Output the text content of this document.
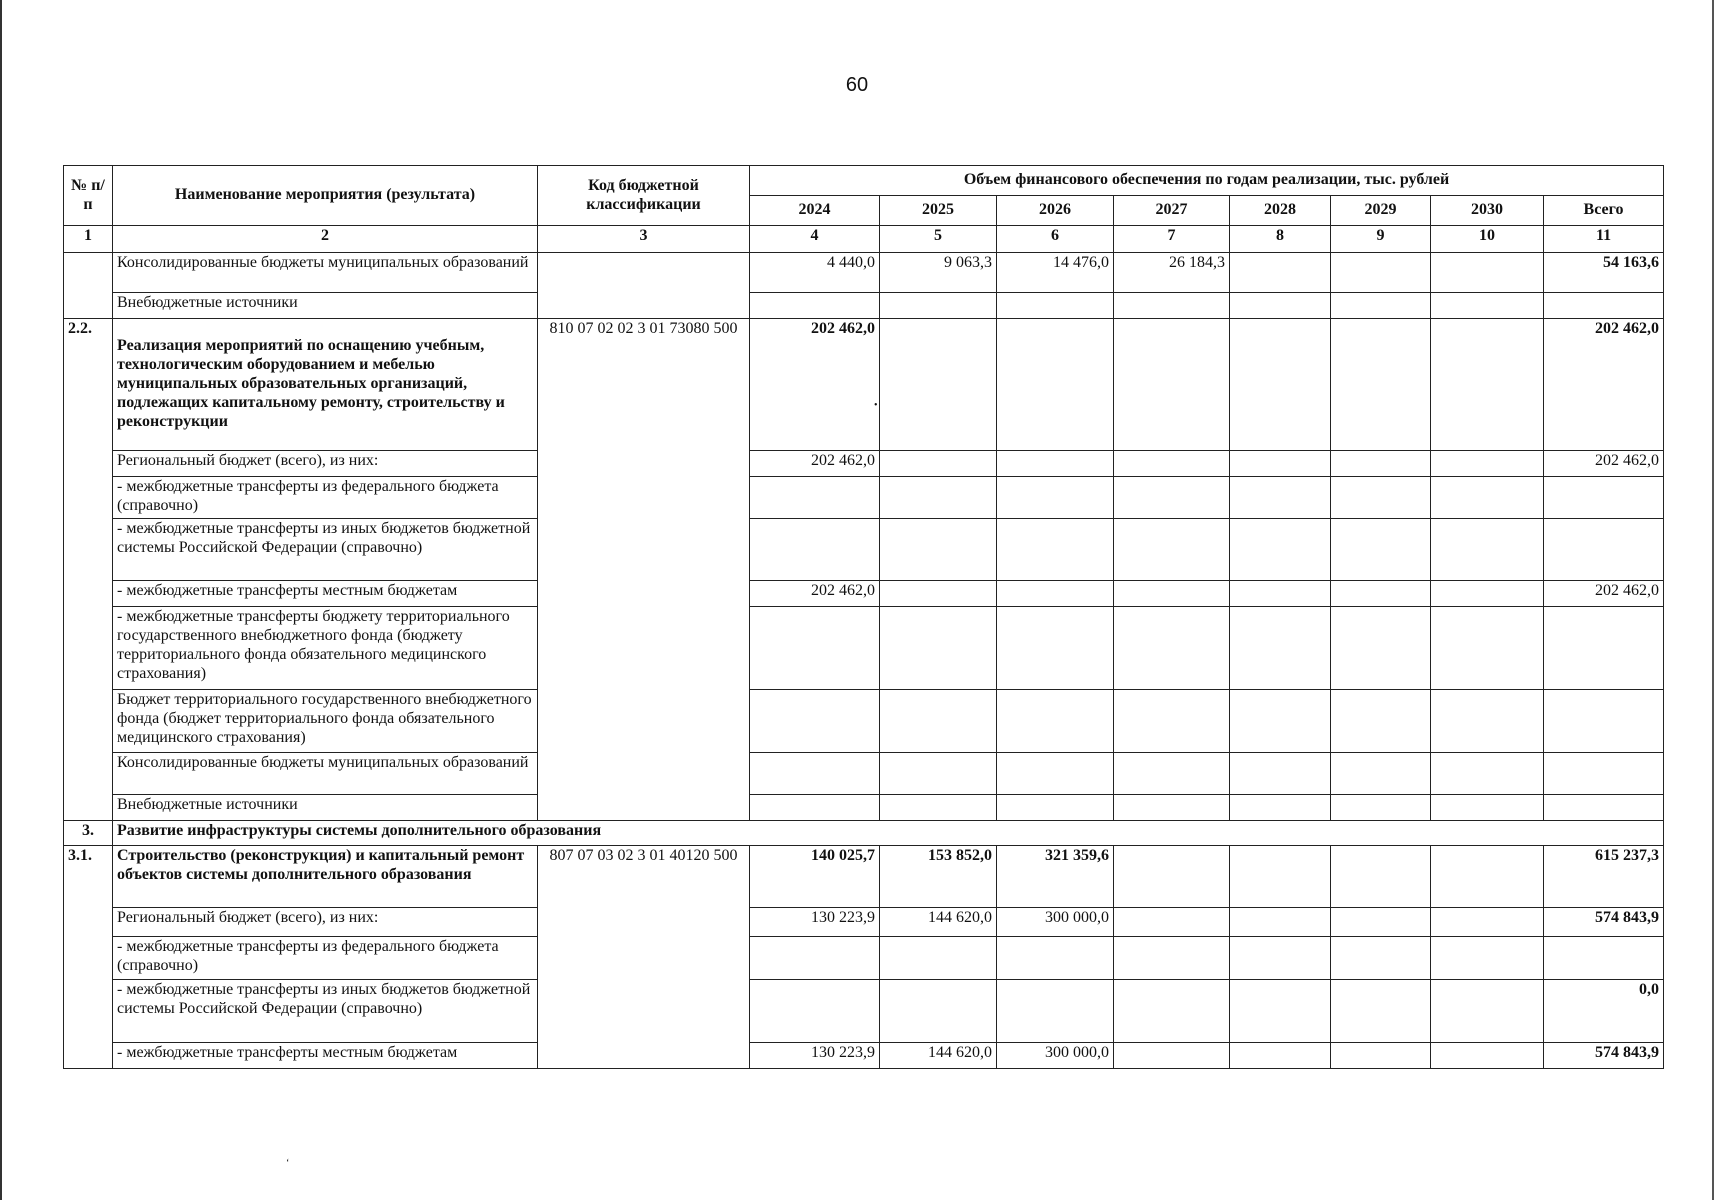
60
№ п/п	Наименование мероприятия (результата)	Код бюджетной классификации	Объем финансового обеспечения по годам реализации, тыс. рублей							
			2024	2025	2026	2027	2028	2029	2030	Всего
1	2	3	4	5	6	7	8	9	10	11
	Консолидированные бюджеты муниципальных образований		4 440,0	9 063,3	14 476,0	26 184,3				54 163,6
	Внебюджетные источники									
2.2.	Реализация мероприятий по оснащению учебным, технологическим оборудованием и мебелью муниципальных образовательных организаций, подлежащих капитальному ремонту, строительству и реконструкции	810 07 02 02 3 01 73080 500	202 462,0							202 462,0
	Региональный бюджет (всего), из них:		202 462,0							202 462,0
	- межбюджетные трансферты из федерального бюджета (справочно)									
	- межбюджетные трансферты из иных бюджетов бюджетной системы Российской Федерации (справочно)									
	- межбюджетные трансферты местным бюджетам		202 462,0							202 462,0
	- межбюджетные трансферты бюджету территориального государственного внебюджетного фонда (бюджету территориального фонда обязательного медицинского страхования)									
	Бюджет территориального государственного внебюджетного фонда (бюджет территориального фонда обязательного медицинского страхования)									
	Консолидированные бюджеты муниципальных образований									
	Внебюджетные источники									
3.	Развитие инфраструктуры системы дополнительного образования									
3.1.	Строительство (реконструкция) и капитальный ремонт объектов системы дополнительного образования	807 07 03 02 3 01 40120 500	140 025,7	153 852,0	321 359,6					615 237,3
	Региональный бюджет (всего), из них:		130 223,9	144 620,0	300 000,0					574 843,9
	- межбюджетные трансферты из федерального бюджета (справочно)									
	- межбюджетные трансферты из иных бюджетов бюджетной системы Российской Федерации (справочно)									0,0
	- межбюджетные трансферты местным бюджетам		130 223,9	144 620,0	300 000,0					574 843,9
•
‘
